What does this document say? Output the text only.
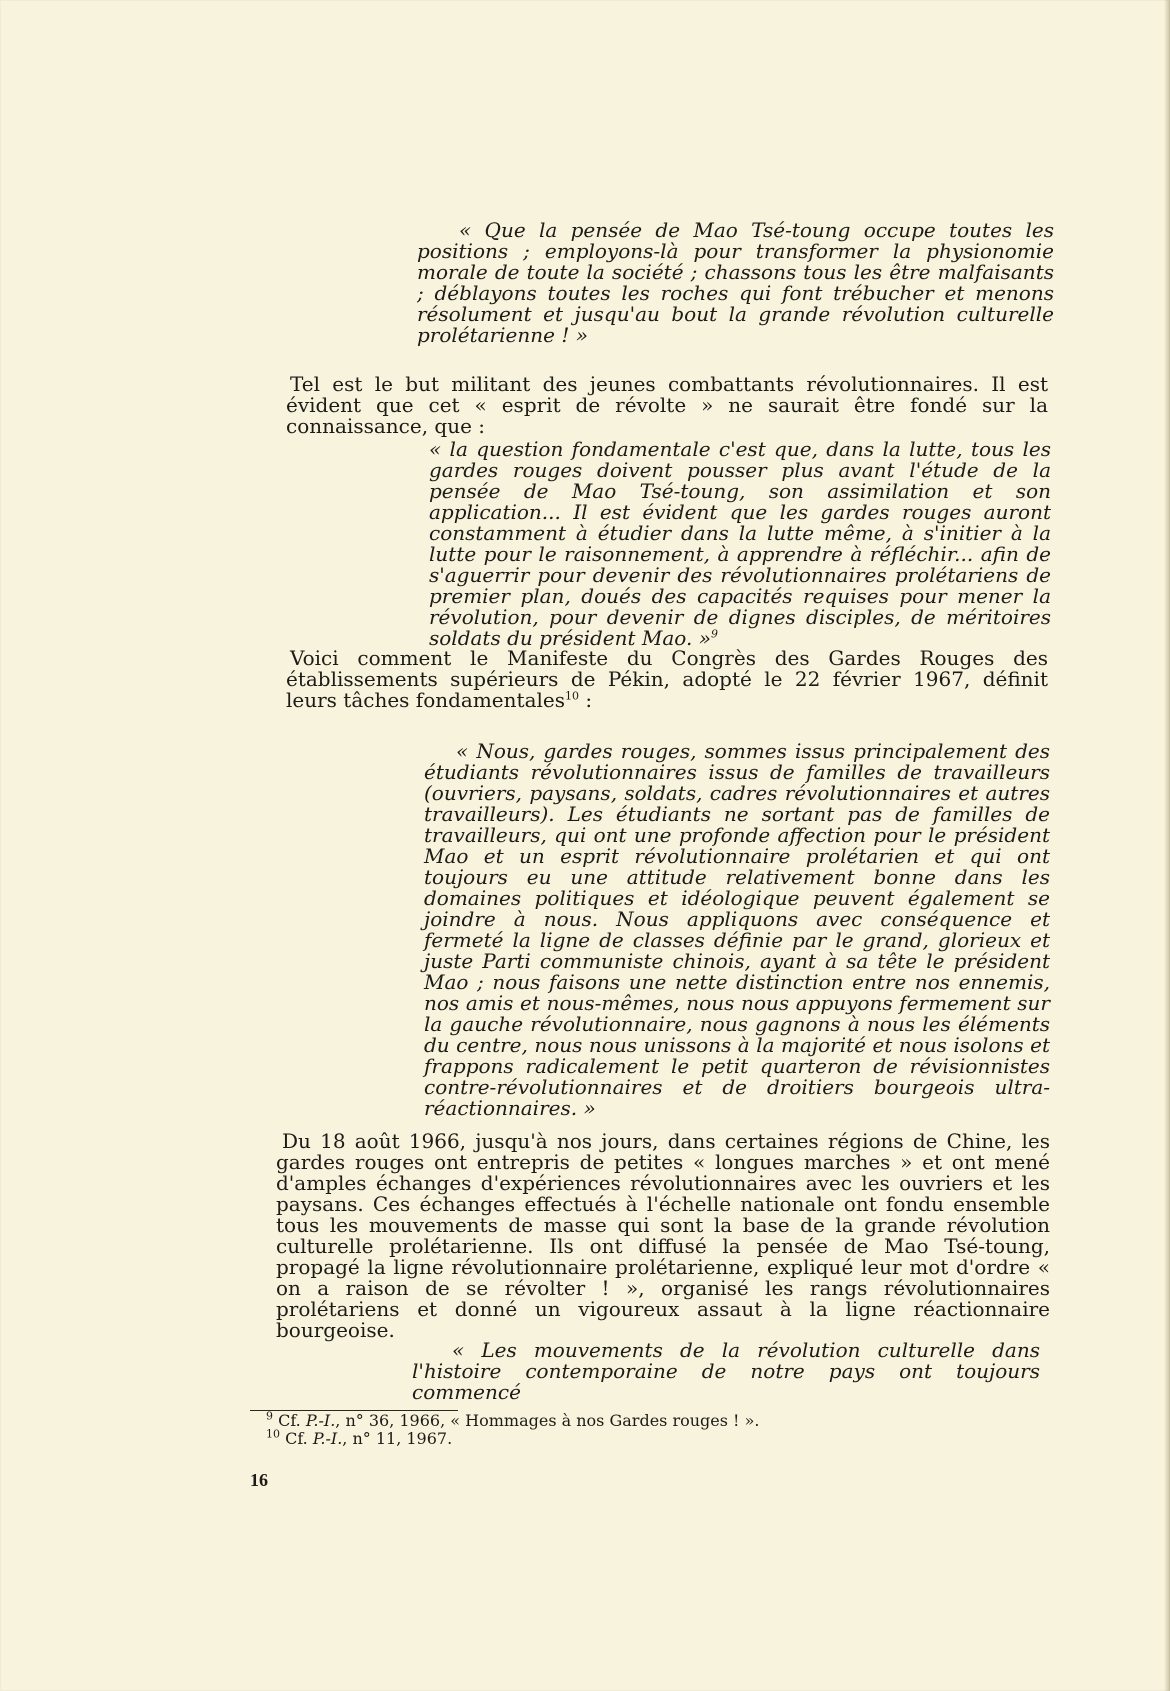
« Que la pensée de Mao Tsé-toung occupe toutes les positions ; employons-là pour transformer la physionomie morale de toute la société ; chassons tous les être malfaisants ; déblayons toutes les roches qui font trébucher et menons résolument et jusqu'au bout la grande révolution culturelle prolétarienne ! »

Tel est le but militant des jeunes combattants révolutionnaires. Il est évident que cet « esprit de révolte » ne saurait être fondé sur la connaissance, que :

« la question fondamentale c'est que, dans la lutte, tous les gardes rouges doivent pousser plus avant l'étude de la pensée de Mao Tsé-toung, son assimilation et son application... Il est évident que les gardes rouges auront constamment à étudier dans la lutte même, à s'initier à la lutte pour le raisonnement, à apprendre à réfléchir... afin de s'aguerrir pour devenir des révolutionnaires prolétariens de premier plan, doués des capacités requises pour mener la révolution, pour devenir de dignes disciples, de méritoires soldats du président Mao. »$^9$

Voici comment le Manifeste du Congrès des Gardes Rouges des établissements supérieurs de Pékin, adopté le 22 février 1967, définit leurs tâches fondamentales$^{10}$ :

« Nous, gardes rouges, sommes issus principalement des étudiants révolutionnaires issus de familles de travailleurs (ouvriers, paysans, soldats, cadres révolutionnaires et autres travailleurs). Les étudiants ne sortant pas de familles de travailleurs, qui ont une profonde affection pour le président Mao et un esprit révolutionnaire prolétarien et qui ont toujours eu une attitude relativement bonne dans les domaines politiques et idéologique peuvent également se joindre à nous. Nous appliquons avec conséquence et fermeté la ligne de classes définie par le grand, glorieux et juste Parti communiste chinois, ayant à sa tête le président Mao ; nous faisons une nette distinction entre nos ennemis, nos amis et nous-mêmes, nous nous appuyons fermement sur la gauche révolutionnaire, nous gagnons à nous les éléments du centre, nous nous unissons à la majorité et nous isolons et frappons radicalement le petit quarteron de révisionnistes contre-révolutionnaires et de droitiers bourgeois ultra-réactionnaires. »

Du 18 août 1966, jusqu'à nos jours, dans certaines régions de Chine, les gardes rouges ont entrepris de petites « longues marches » et ont mené d'amples échanges d'expériences révolutionnaires avec les ouvriers et les paysans. Ces échanges effectués à l'échelle nationale ont fondu ensemble tous les mouvements de masse qui sont la base de la grande révolution culturelle prolétarienne. Ils ont diffusé la pensée de Mao Tsé-toung, propagé la ligne révolutionnaire prolétarienne, expliqué leur mot d'ordre « on a raison de se révolter ! », organisé les rangs révolutionnaires prolétariens et donné un vigoureux assaut à la ligne réactionnaire bourgeoise.

« Les mouvements de la révolution culturelle dans l'histoire contemporaine de notre pays ont toujours commencé

$^9$ Cf. P.-I., n° 36, 1966, « Hommages à nos Gardes rouges ! ».
$^{10}$ Cf. P.-I., n° 11, 1967.
16
